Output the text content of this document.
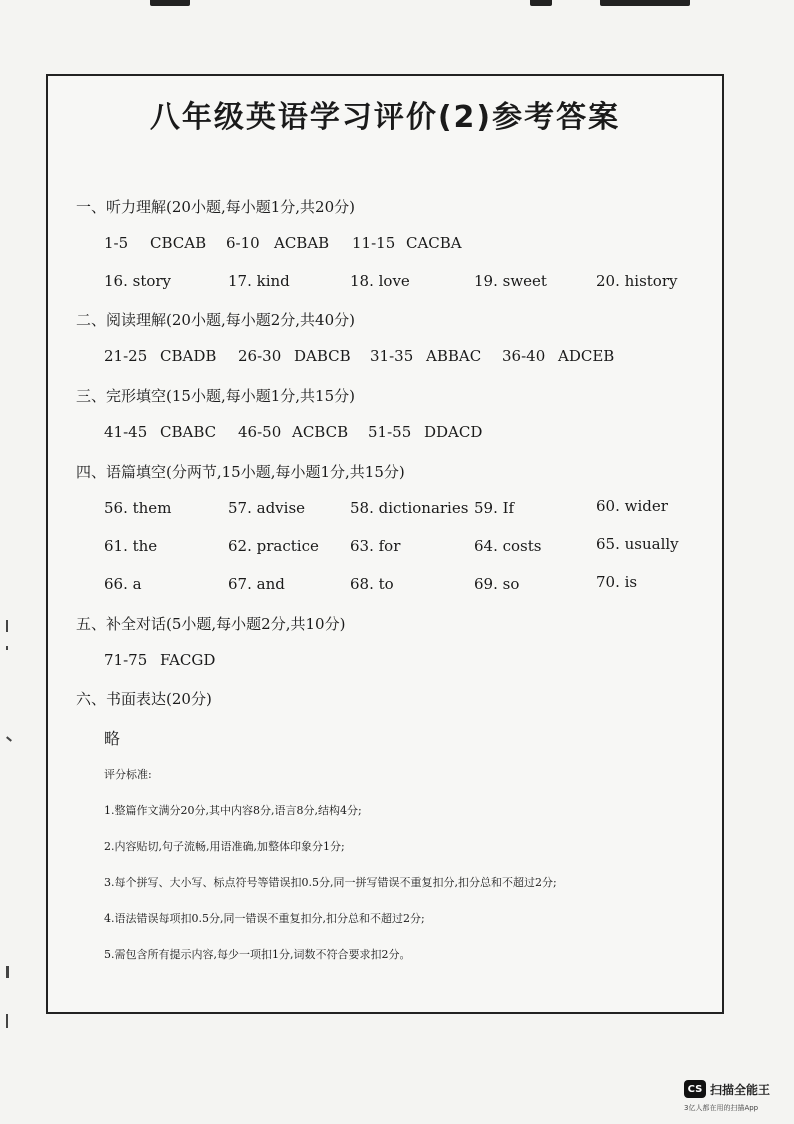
八年级英语学习评价(2)参考答案
一、听力理解(20小题,每小题1分,共20分)
1-5 CBCAB 6-10 ACBAB 11-15 CACBA
16. story	17. kind	18. love	19. sweet	20. history
二、阅读理解(20小题,每小题2分,共40分)
21-25 CBADB 26-30 DABCB 31-35 ABBAC 36-40 ADCEB
三、完形填空(15小题,每小题1分,共15分)
41-45 CBABC 46-50 ACBCB 51-55 DDACD
四、语篇填空(分两节,15小题,每小题1分,共15分)
56. them	57. advise	58. dictionaries 59. If	60. wider
61. the	62. practice 63. for	64. costs	65. usually
66. a	67. and	68. to	69. so	70. is
五、补全对话(5小题,每小题2分,共10分)
71-75 FACGD
六、书面表达(20分)
略
评分标准:
1.整篇作文满分20分,其中内容8分,语言8分,结构4分;
2.内容贴切,句子流畅,用语准确,加整体印象分1分;
3.每个拼写、大小写、标点符号等错误扣0.5分,同一拼写错误不重复扣分,扣分总和不超过2分;
4.语法错误每项扣0.5分,同一错误不重复扣分,扣分总和不超过2分;
5.需包含所有提示内容,每少一项扣1分,词数不符合要求扣2分。
CS 扫描全能王
3亿人都在用的扫描App
